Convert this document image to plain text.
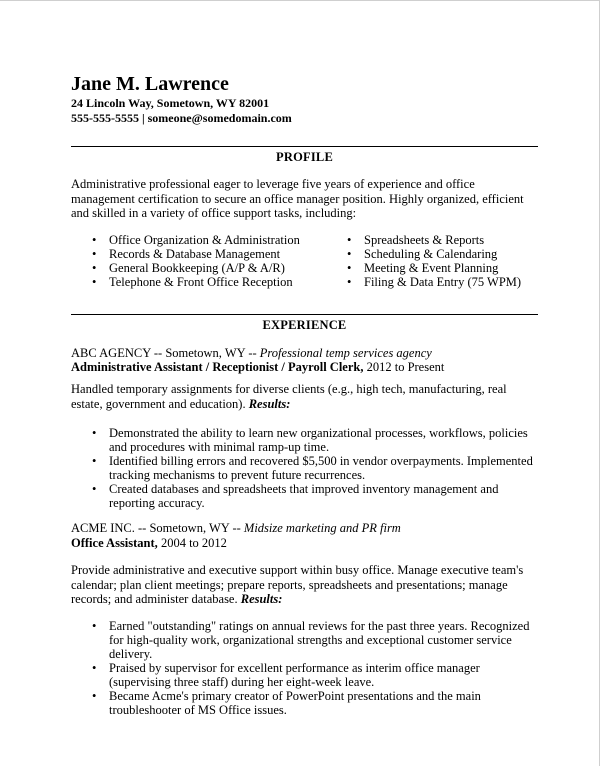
Jane M. Lawrence
24 Lincoln Way, Sometown, WY 82001
555-555-5555 | someone@somedomain.com
PROFILE
Administrative professional eager to leverage five years of experience and office management certification to secure an office manager position. Highly organized, efficient and skilled in a variety of office support tasks, including:
• Office Organization & Administration
• Records & Database Management
• General Bookkeeping (A/P & A/R)
• Telephone & Front Office Reception
• Spreadsheets & Reports
• Scheduling & Calendaring
• Meeting & Event Planning
• Filing & Data Entry (75 WPM)
EXPERIENCE
ABC AGENCY -- Sometown, WY -- Professional temp services agency
Administrative Assistant / Receptionist / Payroll Clerk, 2012 to Present
Handled temporary assignments for diverse clients (e.g., high tech, manufacturing, real estate, government and education). Results:
• Demonstrated the ability to learn new organizational processes, workflows, policies and procedures with minimal ramp-up time.
• Identified billing errors and recovered $5,500 in vendor overpayments. Implemented tracking mechanisms to prevent future recurrences.
• Created databases and spreadsheets that improved inventory management and reporting accuracy.
ACME INC. -- Sometown, WY -- Midsize marketing and PR firm
Office Assistant, 2004 to 2012
Provide administrative and executive support within busy office. Manage executive team's calendar; plan client meetings; prepare reports, spreadsheets and presentations; manage records; and administer database. Results:
• Earned "outstanding" ratings on annual reviews for the past three years. Recognized for high-quality work, organizational strengths and exceptional customer service delivery.
• Praised by supervisor for excellent performance as interim office manager (supervising three staff) during her eight-week leave.
• Became Acme's primary creator of PowerPoint presentations and the main troubleshooter of MS Office issues.
